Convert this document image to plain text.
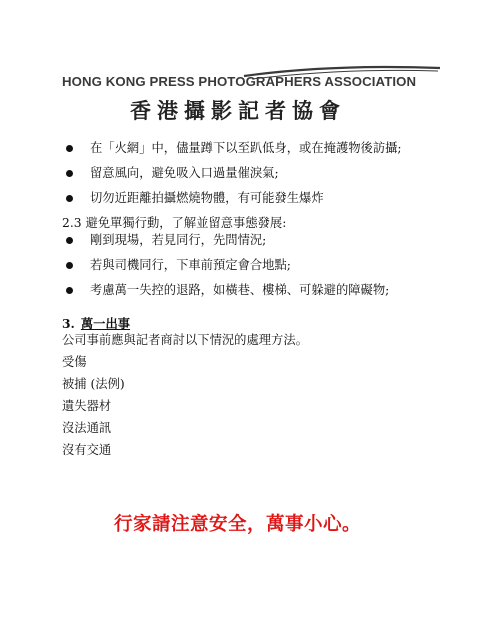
HONG KONG PRESS PHOTOGRAPHERS ASSOCIATION
香港攝影記者協會
在「火網」中，儘量蹲下以至趴低身，或在掩護物後訪攝;
留意風向，避免吸入口過量催淚氣;
切勿近距離拍攝燃燒物體，有可能發生爆炸
2.3 避免單獨行動，了解並留意事態發展:
剛到現場，若見同行，先問情況;
若與司機同行，下車前預定會合地點;
考慮萬一失控的退路，如橫巷、樓梯、可躲避的障礙物;
3. 萬一出事
公司事前應與記者商討以下情況的處理方法。
受傷
被捕 (法例)
遺失器材
沒法通訊
沒有交通
行家請注意安全，萬事小心。
